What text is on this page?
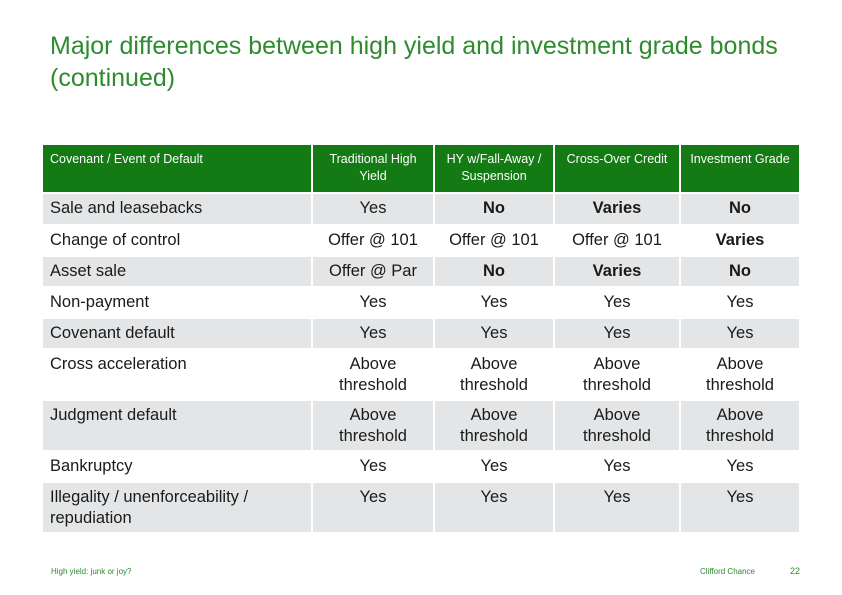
Major differences between high yield and investment grade bonds (continued)
Covenant / Event of Default	Traditional High Yield	HY w/Fall-Away / Suspension	Cross-Over Credit	Investment Grade
Sale and leasebacks	Yes	No	Varies	No
Change of control	Offer @ 101	Offer @ 101	Offer @ 101	Varies
Asset sale	Offer @ Par	No	Varies	No
Non-payment	Yes	Yes	Yes	Yes
Covenant default	Yes	Yes	Yes	Yes
Cross acceleration	Above threshold	Above threshold	Above threshold	Above threshold
Judgment default	Above threshold	Above threshold	Above threshold	Above threshold
Bankruptcy	Yes	Yes	Yes	Yes
Illegality / unenforceability / repudiation	Yes	Yes	Yes	Yes
High yield: junk or joy?	Clifford Chance	22
